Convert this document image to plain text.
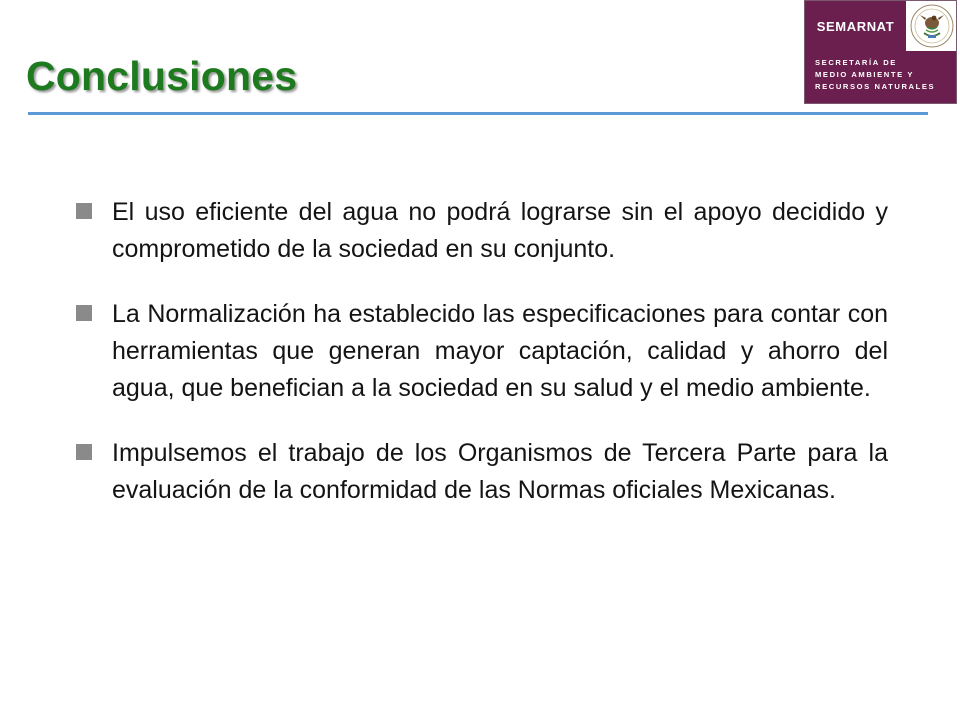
Conclusiones
SEMARNAT
SECRETARÍA DE
MEDIO AMBIENTE Y
RECURSOS NATURALES
El uso eficiente del agua no podrá lograrse sin el apoyo decidido y comprometido de la sociedad en su conjunto.
La Normalización ha establecido las especificaciones para contar con herramientas que generan mayor captación, calidad y ahorro del agua, que benefician a la sociedad en su salud y el medio ambiente.
Impulsemos el trabajo de los Organismos de Tercera Parte para la evaluación de la conformidad de las Normas oficiales Mexicanas.
